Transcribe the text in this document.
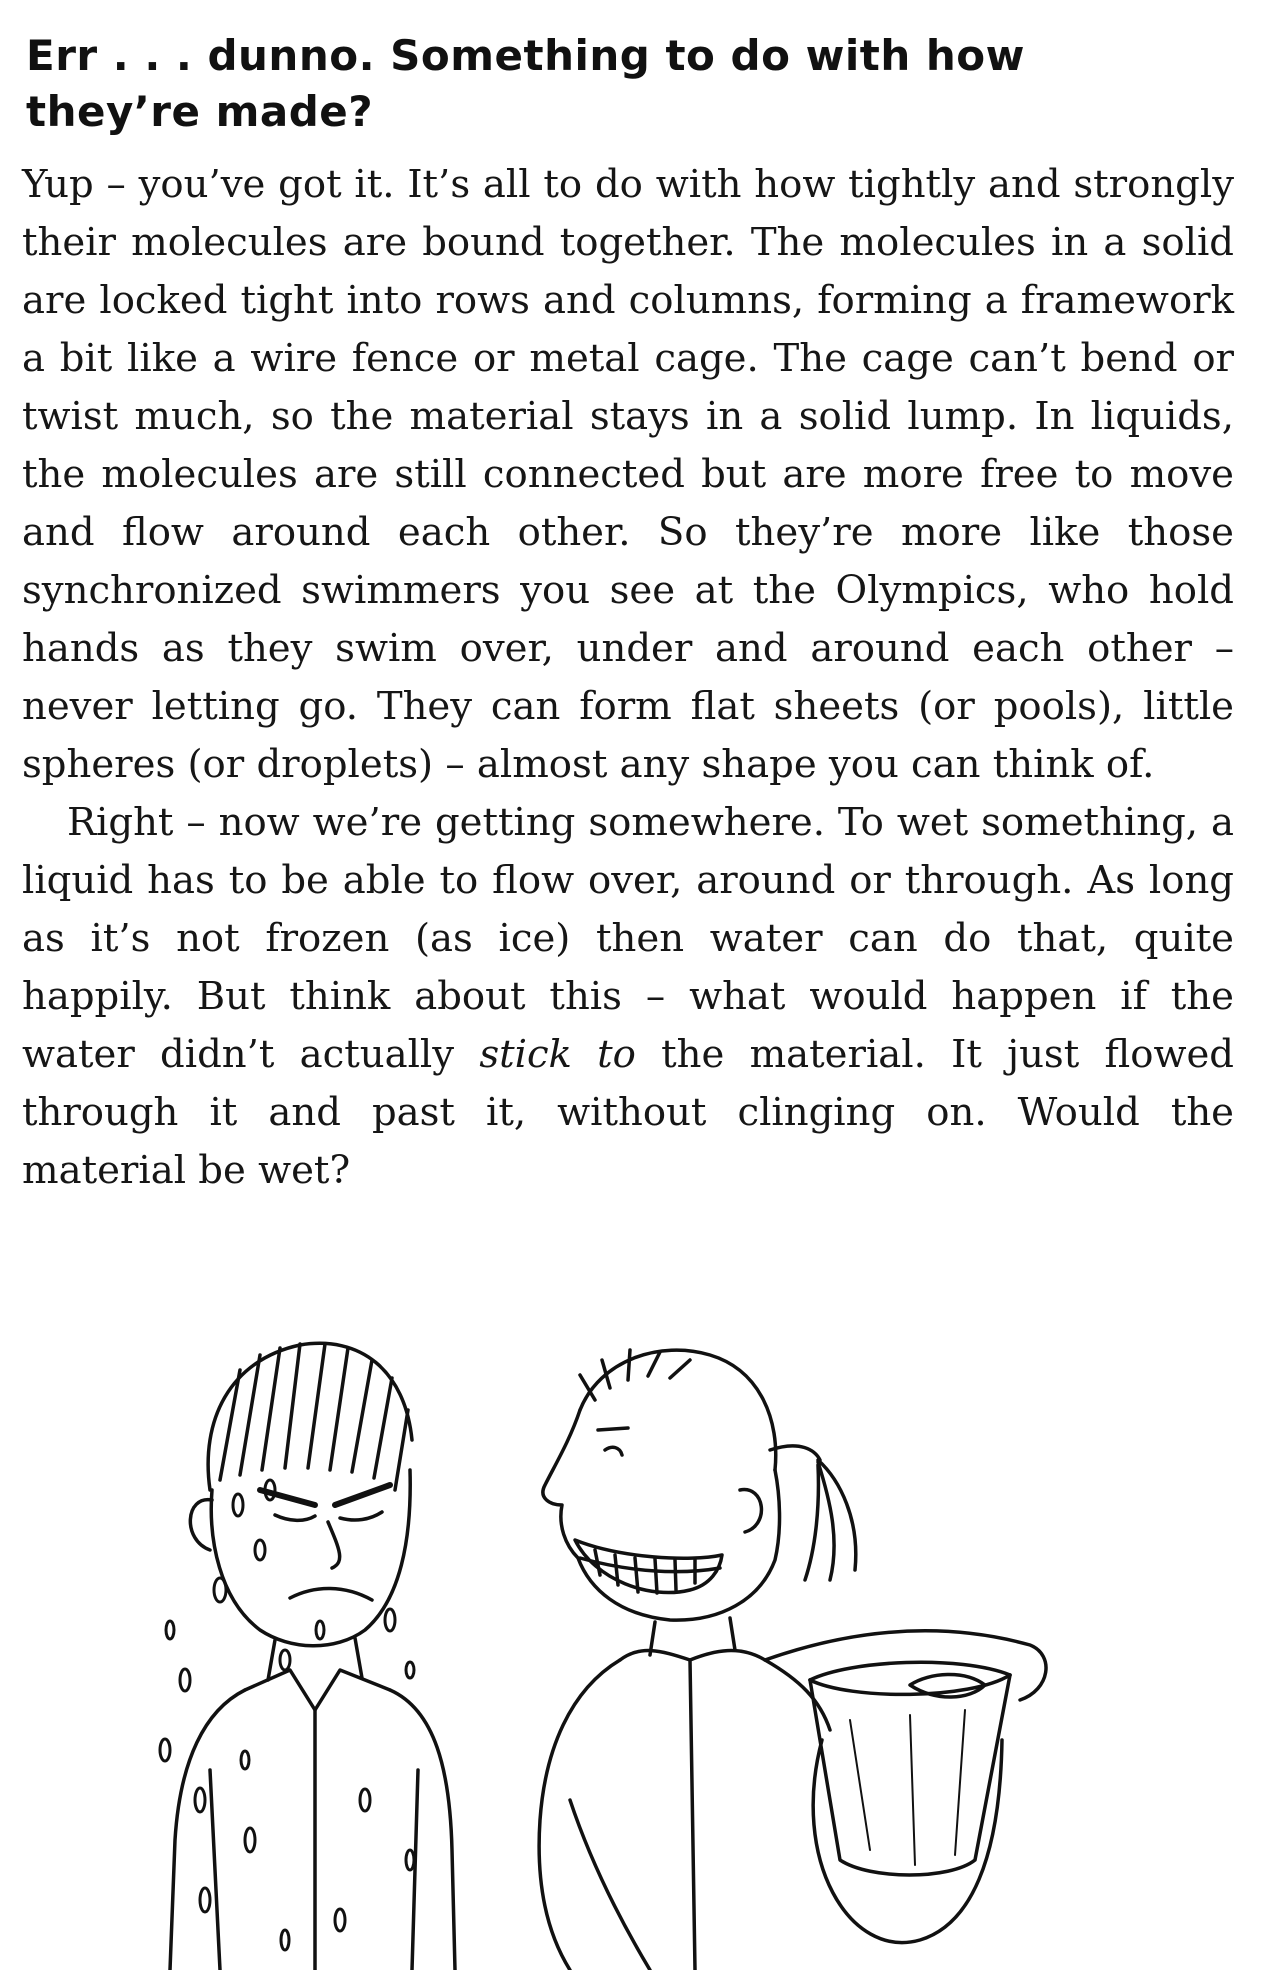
Err . . . dunno. Something to do with how
they’re made?

Yup – you’ve got it. It’s all to do with how tightly and strongly their molecules are bound together. The molecules in a solid are locked tight into rows and columns, forming a framework a bit like a wire fence or metal cage. The cage can’t bend or twist much, so the material stays in a solid lump. In liquids, the molecules are still connected but are more free to move and flow around each other. So they’re more like those synchronized swimmers you see at the Olympics, who hold hands as they swim over, under and around each other – never letting go. They can form flat sheets (or pools), little spheres (or droplets) – almost any shape you can think of.

Right – now we’re getting somewhere. To wet something, a liquid has to be able to flow over, around or through. As long as it’s not frozen (as ice) then water can do that, quite happily. But think about this – what would happen if the water didn’t actually stick to the material. It just flowed through it and past it, without clinging on. Would the material be wet?
